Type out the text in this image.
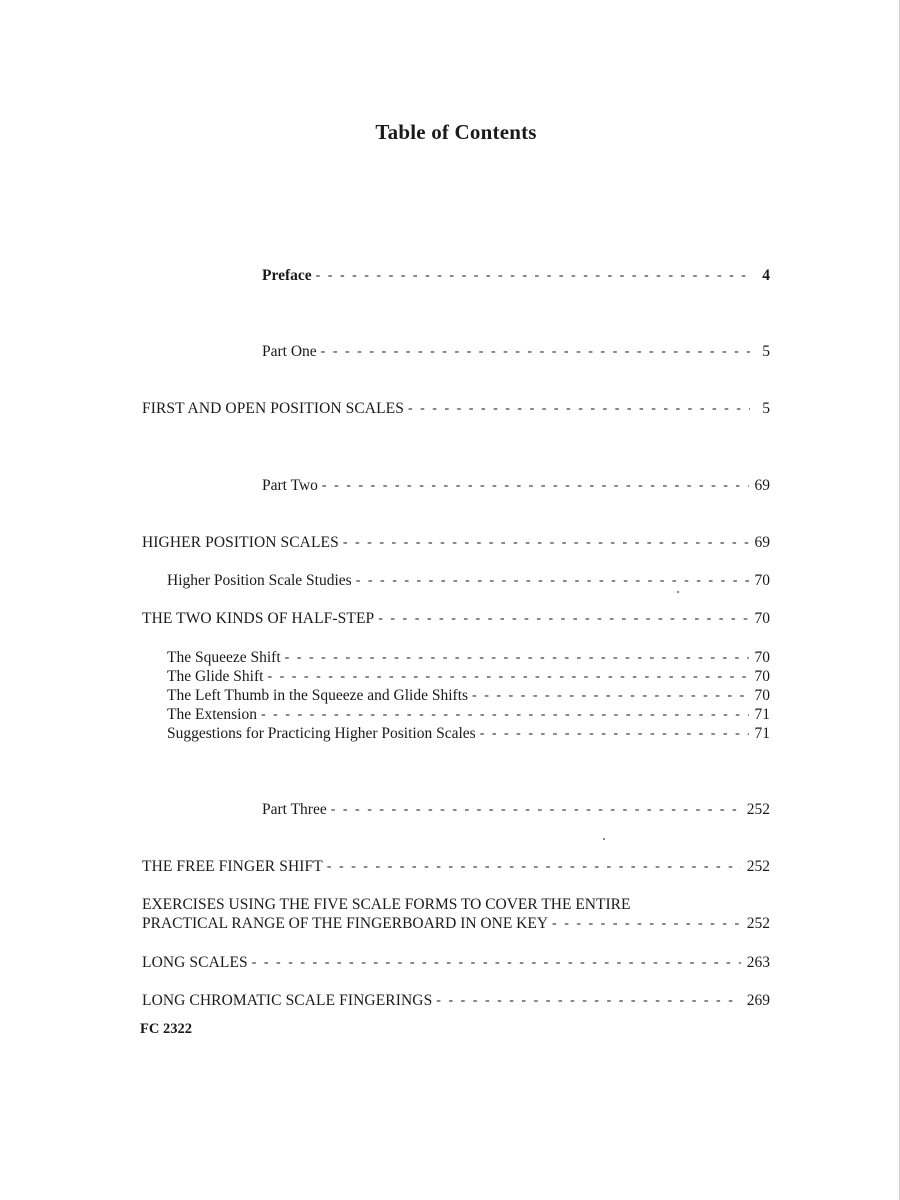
Table of Contents
Preface - - -	4
Part One - - -	5
FIRST AND OPEN POSITION SCALES - - -	5
Part Two - - -	69
HIGHER POSITION SCALES - - -	69
Higher Position Scale Studies - - -	70
THE TWO KINDS OF HALF-STEP - - -	70
The Squeeze Shift - - -	70
The Glide Shift - - -	70
The Left Thumb in the Squeeze and Glide Shifts - - -	70
The Extension - - -	71
Suggestions for Practicing Higher Position Scales - - -	71
Part Three - - -	252
THE FREE FINGER SHIFT - - -	252
EXERCISES USING THE FIVE SCALE FORMS TO COVER THE ENTIRE
PRACTICAL RANGE OF THE FINGERBOARD IN ONE KEY - - -	252
LONG SCALES - - -	263
LONG CHROMATIC SCALE FINGERINGS - - -	269
FC 2322
